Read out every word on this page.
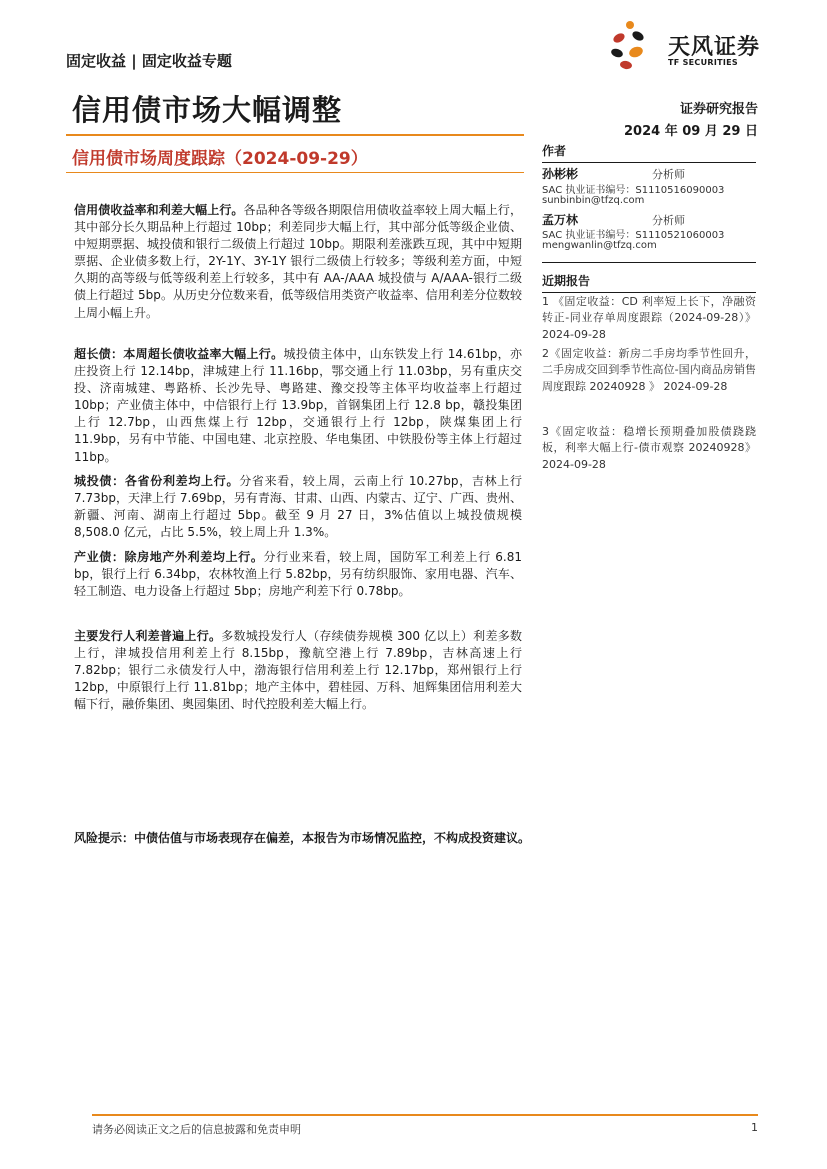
固定收益 | 固定收益专题
天风证券
TF SECURITIES
信用债市场大幅调整
信用债市场周度跟踪（2024-09-29）
证券研究报告
2024 年 09 月 29 日
信用债收益率和利差大幅上行。各品种各等级各期限信用债收益率较上周大幅上行，其中部分长久期品种上行超过 10bp；利差同步大幅上行，其中部分低等级企业债、中短期票据、城投债和银行二级债上行超过 10bp。期限利差涨跌互现，其中中短期票据、企业债多数上行，2Y-1Y、3Y-1Y 银行二级债上行较多；等级利差方面，中短久期的高等级与低等级利差上行较多，其中有 AA-/AAA 城投债与 A/AAA-银行二级债上行超过 5bp。从历史分位数来看，低等级信用类资产收益率、信用利差分位数较上周小幅上升。
超长债：本周超长债收益率大幅上行。城投债主体中，山东铁发上行 14.61bp，亦庄投资上行 12.14bp，津城建上行 11.16bp，鄂交通上行 11.03bp，另有重庆交投、济南城建、粤路桥、长沙先导、粤路建、豫交投等主体平均收益率上行超过 10bp；产业债主体中，中信银行上行 13.9bp，首钢集团上行 12.8 bp，赣投集团上行 12.7bp，山西焦煤上行 12bp，交通银行上行 12bp，陕煤集团上行 11.9bp，另有中节能、中国电建、北京控股、华电集团、中铁股份等主体上行超过 11bp。
城投债：各省份利差均上行。分省来看，较上周，云南上行 10.27bp，吉林上行 7.73bp，天津上行 7.69bp，另有青海、甘肃、山西、内蒙古、辽宁、广西、贵州、新疆、河南、湖南上行超过 5bp。截至 9 月 27 日，3%估值以上城投债规模 8,508.0 亿元，占比 5.5%，较上周上升 1.3%。
产业债：除房地产外利差均上行。分行业来看，较上周，国防军工利差上行 6.81 bp，银行上行 6.34bp，农林牧渔上行 5.82bp，另有纺织服饰、家用电器、汽车、轻工制造、电力设备上行超过 5bp；房地产利差下行 0.78bp。
主要发行人利差普遍上行。多数城投发行人（存续债券规模 300 亿以上）利差多数上行，津城投信用利差上行 8.15bp，豫航空港上行 7.89bp，吉林高速上行 7.82bp；银行二永债发行人中，渤海银行信用利差上行 12.17bp，郑州银行上行 12bp，中原银行上行 11.81bp；地产主体中，碧桂园、万科、旭辉集团信用利差大幅下行，融侨集团、奥园集团、时代控股利差大幅上行。
风险提示：中债估值与市场表现存在偏差，本报告为市场情况监控，不构成投资建议。
作者
孙彬彬	分析师
SAC 执业证书编号：S1110516090003
sunbinbin@tfzq.com
孟万林	分析师
SAC 执业证书编号：S1110521060003
mengwanlin@tfzq.com
近期报告
1 《固定收益：CD 利率短上长下，净融资转正-同业存单周度跟踪（2024-09-28）》 2024-09-28
2《固定收益：新房二手房均季节性回升，二手房成交回到季节性高位-国内商品房销售周度跟踪 20240928 》 2024-09-28
3《固定收益：稳增长预期叠加股债跷跷板，利率大幅上行-债市观察 20240928》 2024-09-28
请务必阅读正文之后的信息披露和免责申明	1
